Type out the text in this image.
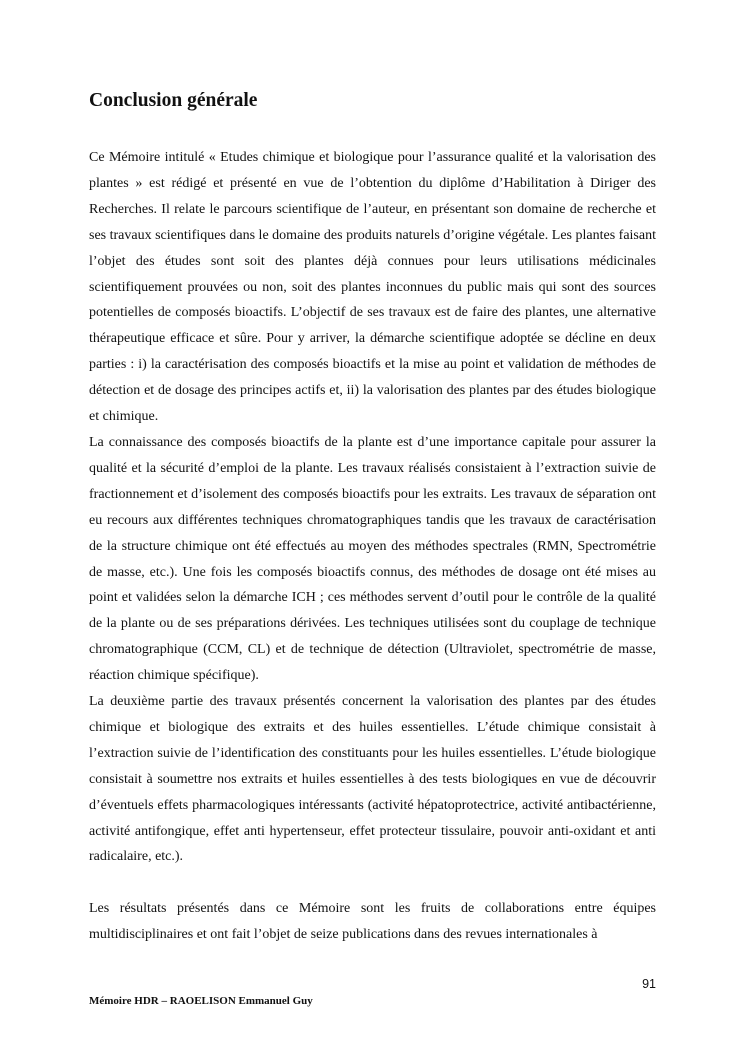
Conclusion générale

Ce Mémoire intitulé « Etudes chimique et biologique pour l’assurance qualité et la valorisation des plantes » est rédigé et présenté en vue de l’obtention du diplôme d’Habilitation à Diriger des Recherches. Il relate le parcours scientifique de l’auteur, en présentant son domaine de recherche et ses travaux scientifiques dans le domaine des produits naturels d’origine végétale. Les plantes faisant l’objet des études sont soit des plantes déjà connues pour leurs utilisations médicinales scientifiquement prouvées ou non, soit des plantes inconnues du public mais qui sont des sources potentielles de composés bioactifs. L’objectif de ses travaux est de faire des plantes, une alternative thérapeutique efficace et sûre. Pour y arriver, la démarche scientifique adoptée se décline en deux parties : i) la caractérisation des composés bioactifs et la mise au point et validation de méthodes de détection et de dosage des principes actifs et, ii) la valorisation des plantes par des études biologique et chimique.

La connaissance des composés bioactifs de la plante est d’une importance capitale pour assurer la qualité et la sécurité d’emploi de la plante. Les travaux réalisés consistaient à l’extraction suivie de fractionnement et d’isolement des composés bioactifs pour les extraits. Les travaux de séparation ont eu recours aux différentes techniques chromatographiques tandis que les travaux de caractérisation de la structure chimique ont été effectués au moyen des méthodes spectrales (RMN, Spectrométrie de masse, etc.). Une fois les composés bioactifs connus, des méthodes de dosage ont été mises au point et validées selon la démarche ICH ; ces méthodes servent d’outil pour le contrôle de la qualité de la plante ou de ses préparations dérivées. Les techniques utilisées sont du couplage de technique chromatographique (CCM, CL) et de technique de détection (Ultraviolet, spectrométrie de masse, réaction chimique spécifique).

La deuxième partie des travaux présentés concernent la valorisation des plantes par des études chimique et biologique des extraits et des huiles essentielles. L’étude chimique consistait à l’extraction suivie de l’identification des constituants pour les huiles essentielles. L’étude biologique consistait à soumettre nos extraits et huiles essentielles à des tests biologiques en vue de découvrir d’éventuels effets pharmacologiques intéressants (activité hépatoprotectrice, activité antibactérienne, activité antifongique, effet anti hypertenseur, effet protecteur tissulaire, pouvoir anti-oxidant et anti radicalaire, etc.).

Les résultats présentés dans ce Mémoire sont les fruits de collaborations entre équipes multidisciplinaires et ont fait l’objet de seize publications dans des revues internationales à

91
Mémoire HDR – RAOELISON Emmanuel Guy
